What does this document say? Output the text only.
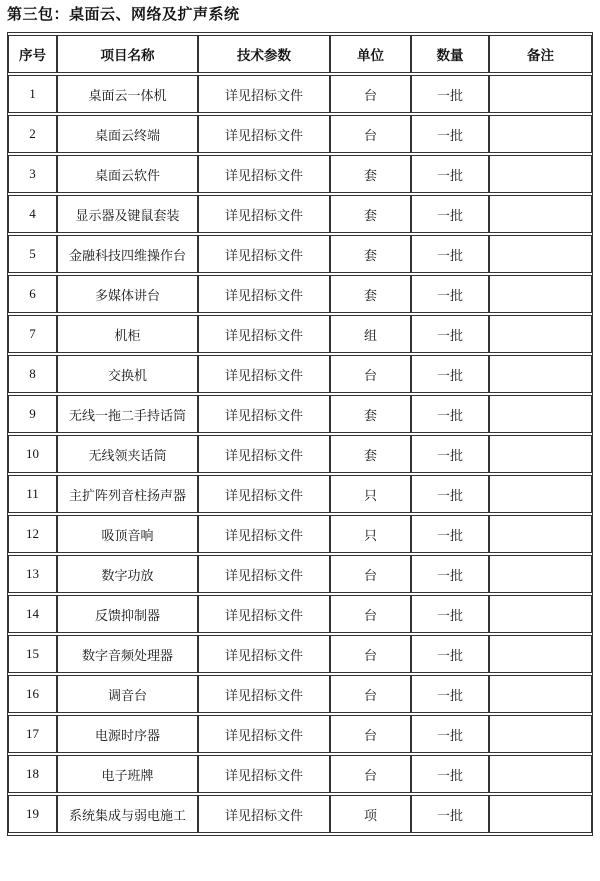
第三包：桌面云、网络及扩声系统
序号	项目名称	技术参数	单位	数量	备注
1	桌面云一体机	详见招标文件	台	一批	
2	桌面云终端	详见招标文件	台	一批	
3	桌面云软件	详见招标文件	套	一批	
4	显示器及键鼠套装	详见招标文件	套	一批	
5	金融科技四维操作台	详见招标文件	套	一批	
6	多媒体讲台	详见招标文件	套	一批	
7	机柜	详见招标文件	组	一批	
8	交换机	详见招标文件	台	一批	
9	无线一拖二手持话筒	详见招标文件	套	一批	
10	无线领夹话筒	详见招标文件	套	一批	
11	主扩阵列音柱扬声器	详见招标文件	只	一批	
12	吸顶音响	详见招标文件	只	一批	
13	数字功放	详见招标文件	台	一批	
14	反馈抑制器	详见招标文件	台	一批	
15	数字音频处理器	详见招标文件	台	一批	
16	调音台	详见招标文件	台	一批	
17	电源时序器	详见招标文件	台	一批	
18	电子班牌	详见招标文件	台	一批	
19	系统集成与弱电施工	详见招标文件	项	一批	
